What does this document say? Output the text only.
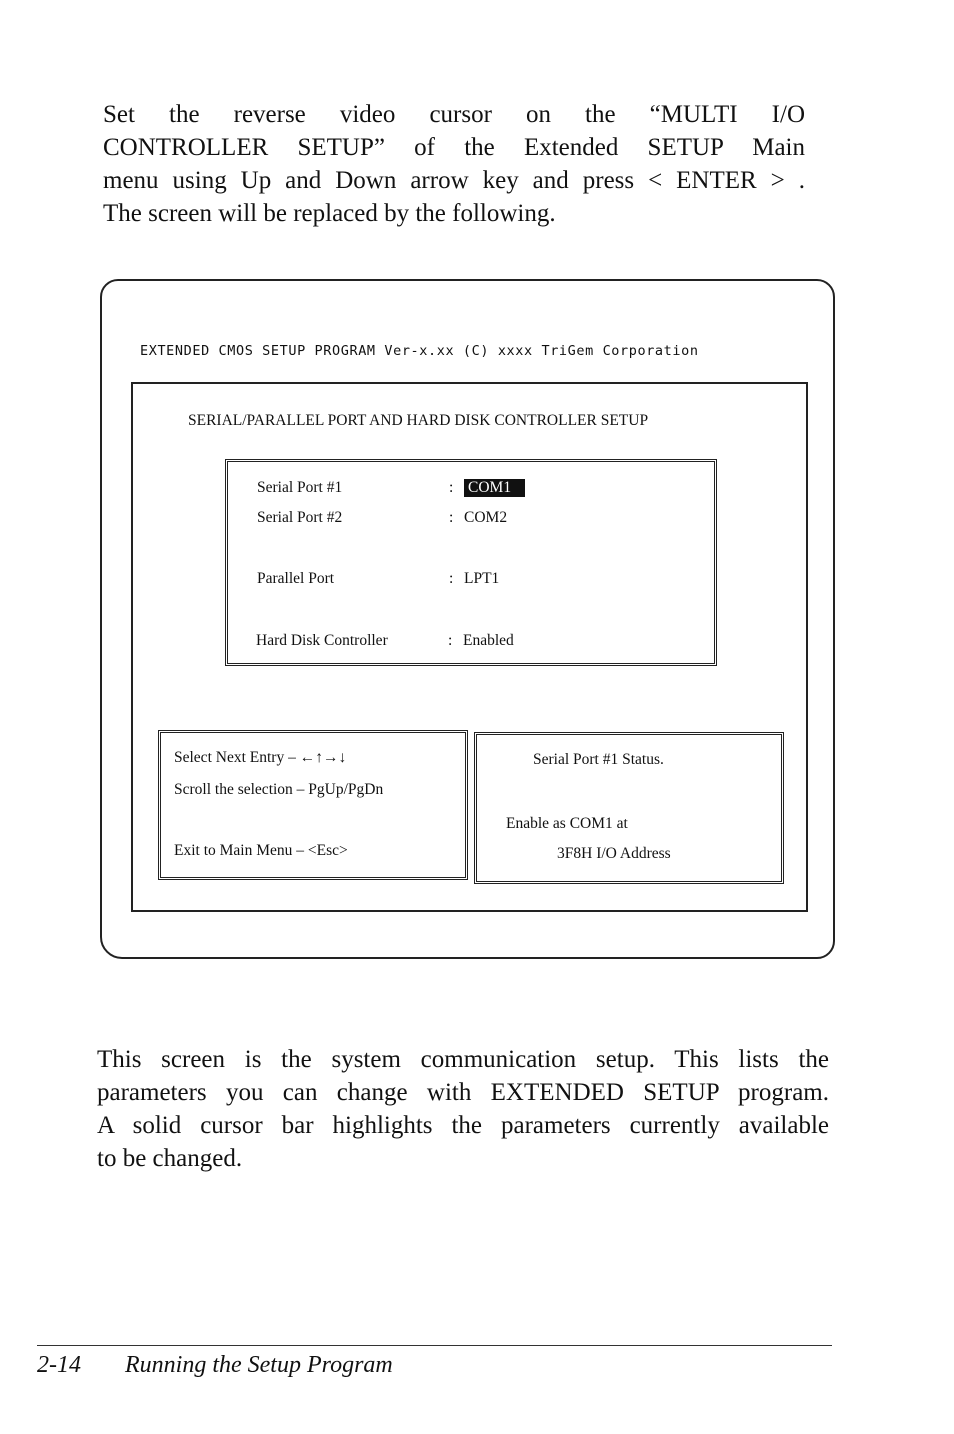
Set the reverse video cursor on the “MULTI I/O
CONTROLLER SETUP” of the Extended SETUP Main
menu using Up and Down arrow key and press < ENTER > .
The screen will be replaced by the following.
EXTENDED CMOS SETUP PROGRAM Ver-x.xx (C) xxxx TriGem Corporation
SERIAL/PARALLEL PORT AND HARD DISK CONTROLLER SETUP
Serial Port #1	: COM1
Serial Port #2	: COM2
Parallel Port	: LPT1
Hard Disk Controller	: Enabled
Select Next Entry – ←↑→↓
Scroll the selection – PgUp/PgDn
Exit to Main Menu – <Esc>
Serial Port #1 Status.
Enable as COM1 at
3F8H I/O Address
This screen is the system communication setup. This lists the
parameters you can change with EXTENDED SETUP program.
A solid cursor bar highlights the parameters currently available
to be changed.
2-14 Running the Setup Program
